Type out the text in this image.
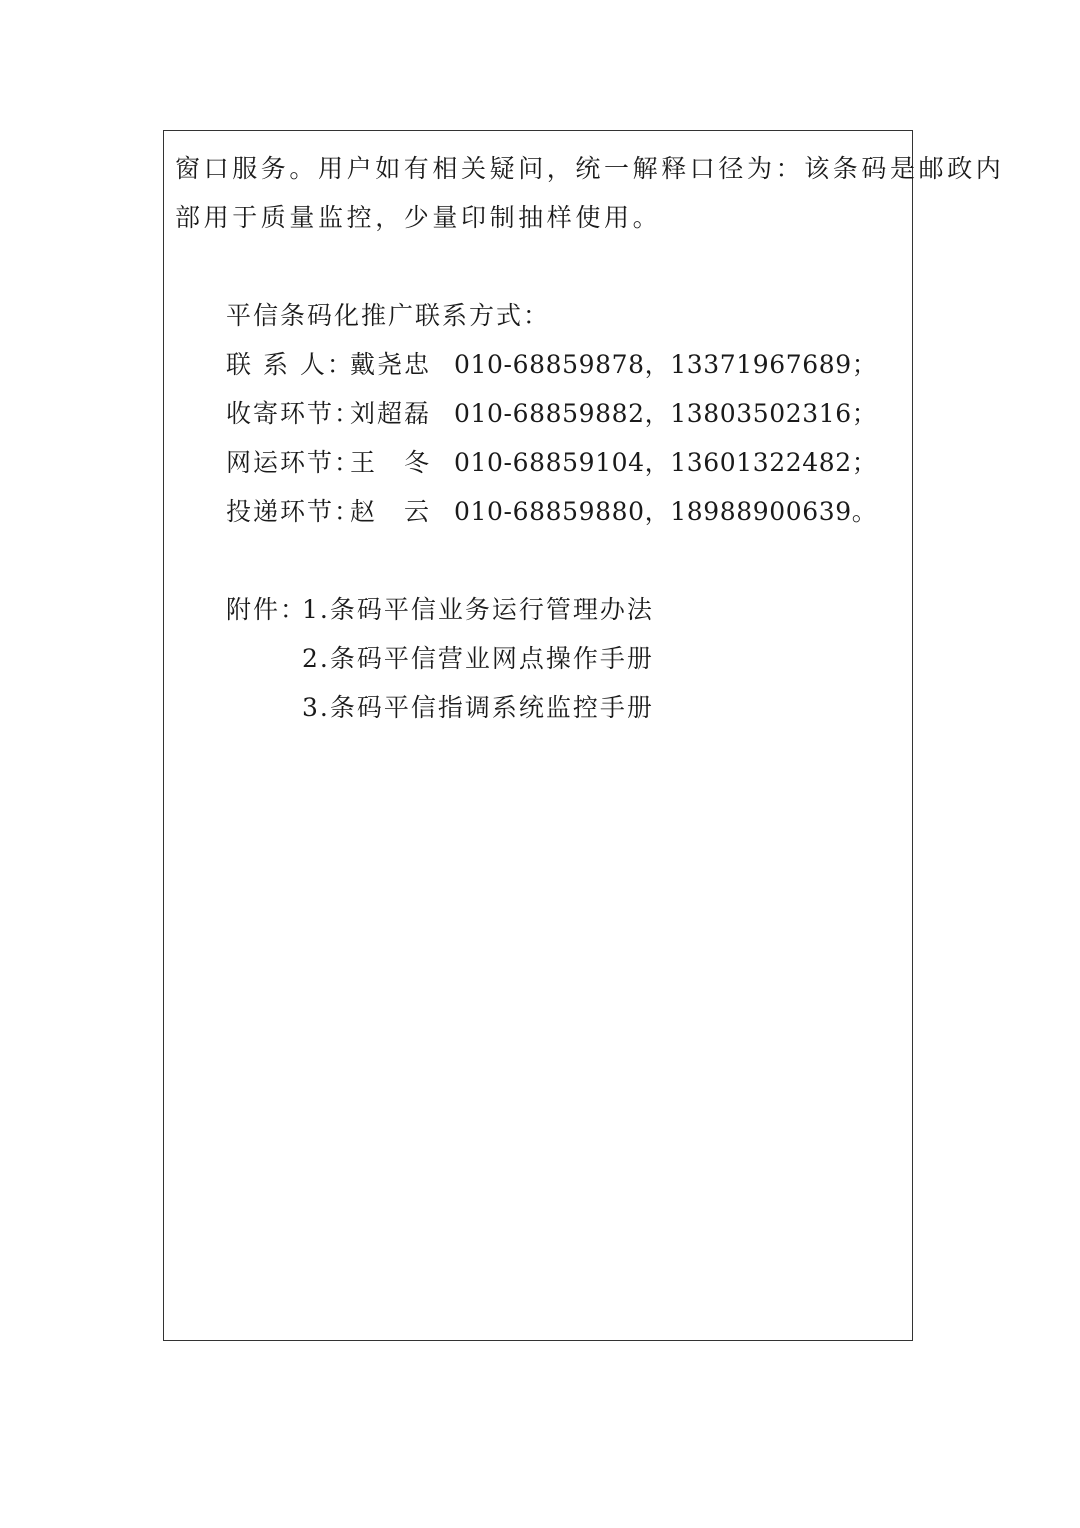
窗口服务。用户如有相关疑问，统一解释口径为：该条码是邮政内
部用于质量监控，少量印制抽样使用。
平信条码化推广联系方式：
联 系 人：戴尧忠 010-68859878，13371967689；
收寄环节：刘超磊 010-68859882，13803502316；
网运环节：王　冬 010-68859104，13601322482；
投递环节：赵　云 010-68859880，18988900639。
附件：
1.条码平信业务运行管理办法
2.条码平信营业网点操作手册
3.条码平信指调系统监控手册
